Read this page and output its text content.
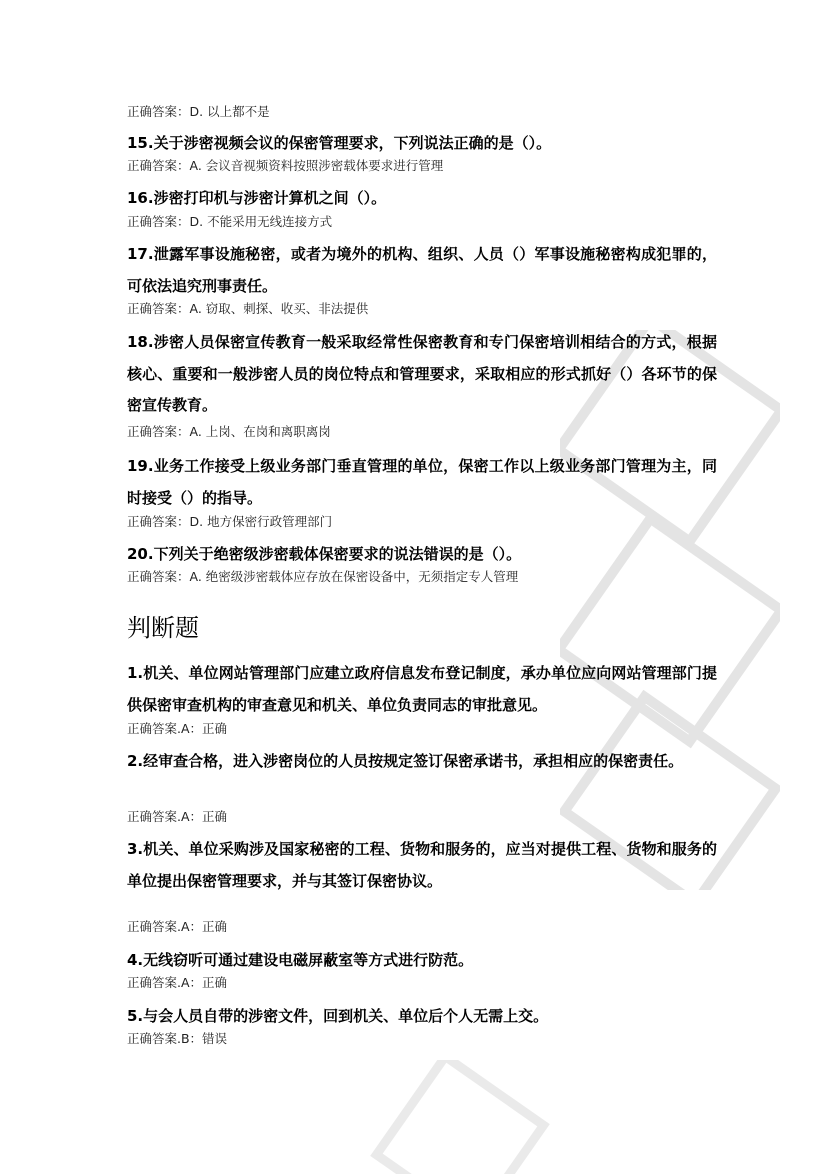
正确答案：D. 以上都不是
15.关于涉密视频会议的保密管理要求，下列说法正确的是（）。
正确答案：A. 会议音视频资料按照涉密载体要求进行管理
16.涉密打印机与涉密计算机之间（）。
正确答案：D. 不能采用无线连接方式
17.泄露军事设施秘密，或者为境外的机构、组织、人员（）军事设施秘密构成犯罪的，可依法追究刑事责任。
正确答案：A. 窃取、刺探、收买、非法提供
18.涉密人员保密宣传教育一般采取经常性保密教育和专门保密培训相结合的方式，根据核心、重要和一般涉密人员的岗位特点和管理要求，采取相应的形式抓好（）各环节的保密宣传教育。
正确答案：A. 上岗、在岗和离职离岗
19.业务工作接受上级业务部门垂直管理的单位，保密工作以上级业务部门管理为主，同时接受（）的指导。
正确答案：D. 地方保密行政管理部门
20.下列关于绝密级涉密载体保密要求的说法错误的是（）。
正确答案：A. 绝密级涉密载体应存放在保密设备中，无须指定专人管理
判断题
1.机关、单位网站管理部门应建立政府信息发布登记制度，承办单位应向网站管理部门提供保密审查机构的审查意见和机关、单位负责同志的审批意见。
正确答案.A：正确
2.经审查合格，进入涉密岗位的人员按规定签订保密承诺书，承担相应的保密责任。
正确答案.A：正确
3.机关、单位采购涉及国家秘密的工程、货物和服务的，应当对提供工程、货物和服务的单位提出保密管理要求，并与其签订保密协议。
正确答案.A：正确
4.无线窃听可通过建设电磁屏蔽室等方式进行防范。
正确答案.A：正确
5.与会人员自带的涉密文件，回到机关、单位后个人无需上交。
正确答案.B：错误
